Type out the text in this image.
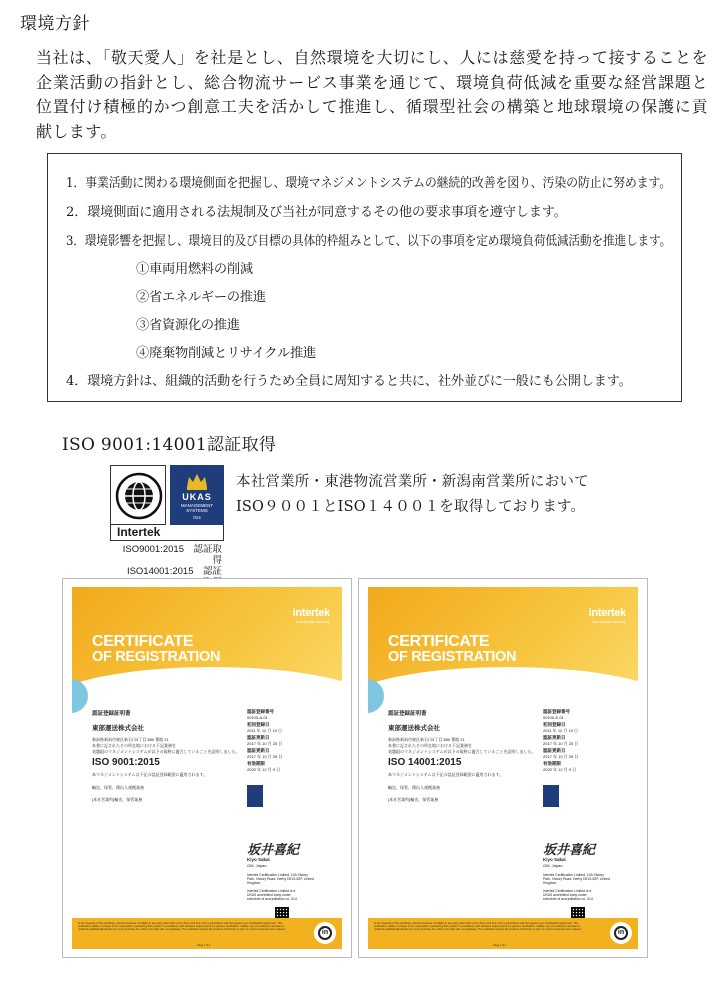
環境方針

当社は、「敬天愛人」を社是とし、自然環境を大切にし、人には慈愛を持って接することを企業活動の指針とし、総合物流サービス事業を通じて、環境負荷低減を重要な経営課題と位置付け積極的かつ創意工夫を活かして推進し、循環型社会の構築と地球環境の保護に貢献します。

1．事業活動に関わる環境側面を把握し、環境マネジメントシステムの継続的改善を図り、汚染の防止に努めます。
2．環境側面に適用される法規制及び当社が同意するその他の要求事項を遵守します。
3．環境影響を把握し、環境目的及び目標の具体的枠組みとして、以下の事項を定め環境負荷低減活動を推進します。
①車両用燃料の削減
②省エネルギーの推進
③省資源化の推進
④廃棄物削減とリサイクル推進
4．環境方針は、組織的活動を行うため全員に周知すると共に、社外並びに一般にも公開します。
ISO 9001:14001認証取得
UKAS
MANAGEMENT SYSTEMS
014
Intertek
ISO9001:2015　認証取得
ISO14001:2015　認証
本社営業所・東港物流営業所・新潟南営業所において
ISO９００１とISO１４００１を取得しております。
intertek
Total Quality. Assured.
CERTIFICATE
OF REGISTRATION
認証登録証明書
東部運送株式会社
新潟県新潟市東区新石川3丁目 580 番地 21
本書に記されたその所在地における下記業務を
表題組のマネジメントシステムが以下の規格に適合していることを証明しました。
ISO 9001:2015
本マネジメントシステムは下記の認証登録範囲に適用されます。
輸送、保管、積出入運搬業務
[本社営業所]輸送、保管業務
認証登録番号
00100-A-01
初回登録日
2011 年 12 月 10 日
認証更新日
2017 年 10 月 25 日
認証更新日
2017 年 10 月 25 日
有効期限
2020 年 12 月 9 日
坂井喜紀
Kiyo Sakai
GM, Japan
Intertek Certification Limited, 10A Victory
Park, Victory Road, Derby DE24 8ZF, United
Kingdom
Intertek Certification Limited is a
UKAS accredited body under
schedule of accreditation no. 014.
In the issuance of this certificate, Intertek assumes no liability to any party other than to the Client, and then only in accordance with the agreed upon Certification Agreement. This certificate's validity is subject to the organisation maintaining their system in accordance with Intertek's requirements for systems certification. Validity may be confirmed via email at certificate.validation@intertek.com or by scanning the code to the right with a smartphone. The certificate remains the property of Intertek, to whom it must be returned upon request.
Page 1 of 1
in
intertek
Total Quality. Assured.
CERTIFICATE
OF REGISTRATION
認証登録証明書
東部運送株式会社
新潟県新潟市東区新石川3丁目 580 番地 21
本書に記されたその所在地における下記業務を
表題組のマネジメントシステムが以下の規格に適合していることを証明しました。
ISO 14001:2015
本マネジメントシステムは下記の認証登録範囲に適用されます。
輸送、保管、積出入運搬業務
[本社営業所]輸送、保管業務
認証登録番号
00100-E-01
初回登録日
2011 年 12 月 10 日
認証更新日
2017 年 10 月 25 日
認証更新日
2017 年 10 月 25 日
有効期限
2020 年 12 月 9 日
坂井喜紀
Kiyo Sakai
GM, Japan
Intertek Certification Limited, 10A Victory
Park, Victory Road, Derby DE24 8ZF, United
Kingdom
Intertek Certification Limited is a
UKAS accredited body under
schedule of accreditation no. 014.
In the issuance of this certificate, Intertek assumes no liability to any party other than to the Client, and then only in accordance with the agreed upon Certification Agreement. This certificate's validity is subject to the organisation maintaining their system in accordance with Intertek's requirements for systems certification. Validity may be confirmed via email at certificate.validation@intertek.com or by scanning the code to the right with a smartphone. The certificate remains the property of Intertek, to whom it must be returned upon request.
Page 1 of 1
in
